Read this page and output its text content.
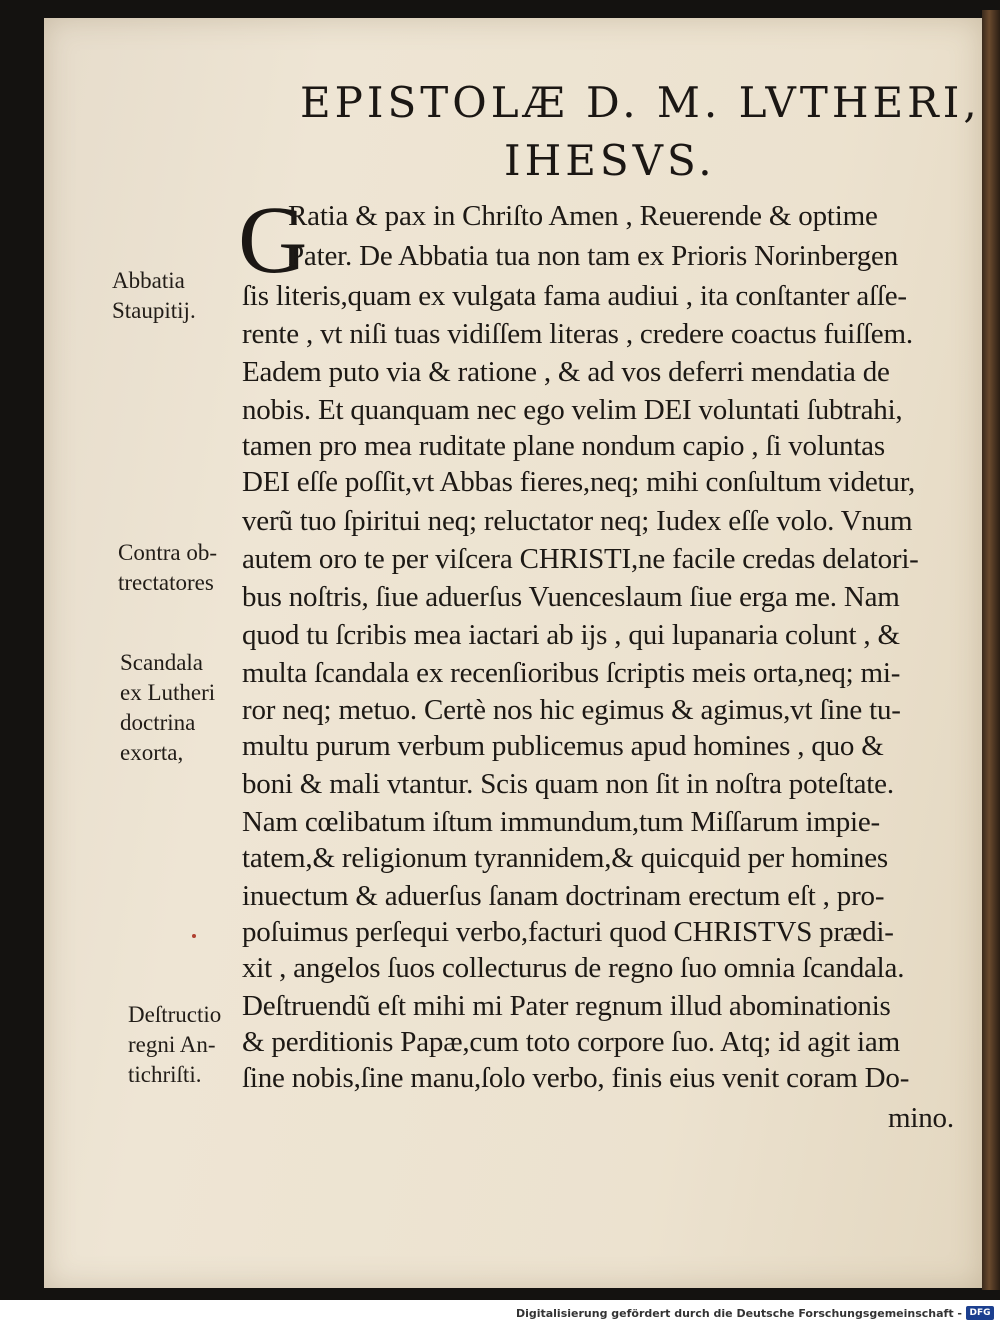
EPISTOLÆ D. M. LVTHERI,
IHESVS.
G
Ratia & pax in Chriſto Amen , Reuerende & optime
Pater. De Abbatia tua non tam ex Prioris Norinbergen
ſis literis,quam ex vulgata fama audiui , ita conſtanter aſſe-
rente , vt niſi tuas vidiſſem literas , credere coactus fuiſſem.
Eadem puto via & ratione , & ad vos deferri mendatia de
nobis. Et quanquam nec ego velim DEI voluntati ſubtrahi,
tamen pro mea ruditate plane nondum capio , ſi voluntas
DEI eſſe poſſit,vt Abbas fieres,neq; mihi conſultum videtur,
verũ tuo ſpiritui neq; reluctator neq; Iudex eſſe volo. Vnum
autem oro te per viſcera CHRISTI,ne facile credas delatori-
bus noſtris, ſiue aduerſus Vuenceslaum ſiue erga me. Nam
quod tu ſcribis mea iactari ab ijs , qui lupanaria colunt , &
multa ſcandala ex recenſioribus ſcriptis meis orta,neq; mi-
ror neq; metuo. Certè nos hic egimus & agimus,vt ſine tu-
multu purum verbum publicemus apud homines , quo &
boni & mali vtantur. Scis quam non ſit in noſtra poteſtate.
Nam cœlibatum iſtum immundum,tum Miſſarum impie-
tatem,& religionum tyrannidem,& quicquid per homines
inuectum & aduerſus ſanam doctrinam erectum eſt , pro-
poſuimus perſequi verbo,facturi quod CHRISTVS prædi-
xit , angelos ſuos collecturus de regno ſuo omnia ſcandala.
Deſtruendũ eſt mihi mi Pater regnum illud abominationis
& perditionis Papæ,cum toto corpore ſuo. Atq; id agit iam
ſine nobis,ſine manu,ſolo verbo, finis eius venit coram Do-
mino.
Abbatia
Staupitij.
Contra ob-
trectatores
Scandala
ex Lutheri
doctrina
exorta,
Deſtructio
regni An-
tichriſti.
Digitalisierung gefördert durch die Deutsche Forschungsgemeinschaft - DFG
